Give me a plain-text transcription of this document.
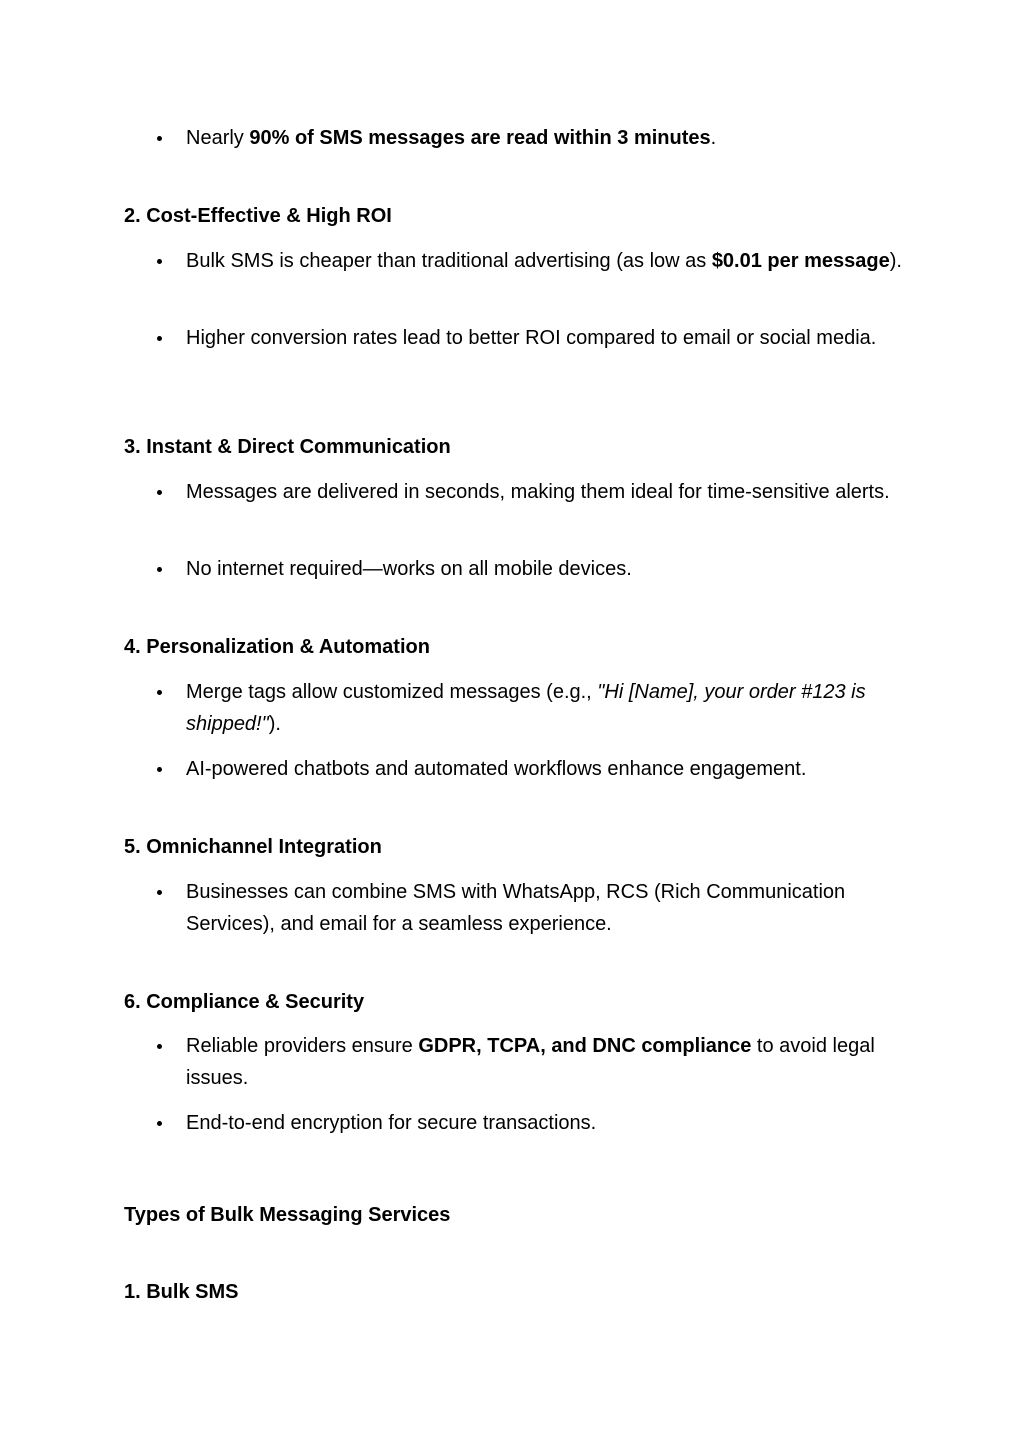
Nearly 90% of SMS messages are read within 3 minutes.
2. Cost-Effective & High ROI
Bulk SMS is cheaper than traditional advertising (as low as $0.01 per message).
Higher conversion rates lead to better ROI compared to email or social media.
3. Instant & Direct Communication
Messages are delivered in seconds, making them ideal for time-sensitive alerts.
No internet required—works on all mobile devices.
4. Personalization & Automation
Merge tags allow customized messages (e.g., "Hi [Name], your order #123 is shipped!").
AI-powered chatbots and automated workflows enhance engagement.
5. Omnichannel Integration
Businesses can combine SMS with WhatsApp, RCS (Rich Communication Services), and email for a seamless experience.
6. Compliance & Security
Reliable providers ensure GDPR, TCPA, and DNC compliance to avoid legal issues.
End-to-end encryption for secure transactions.
Types of Bulk Messaging Services
1. Bulk SMS
